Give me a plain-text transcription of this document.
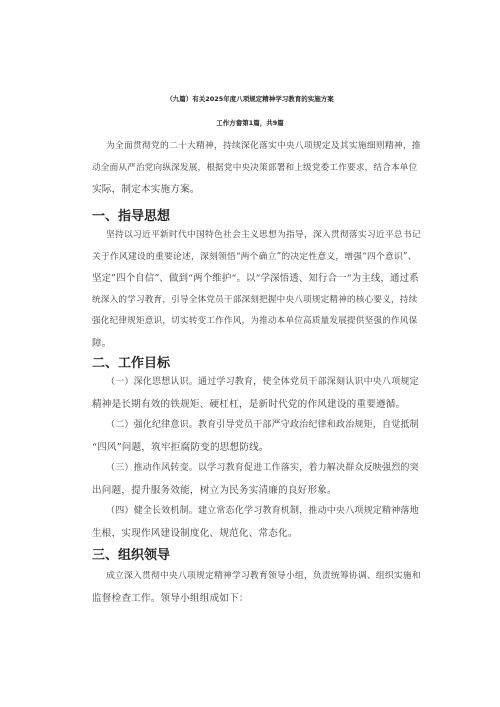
（九篇）有关2025年度八项规定精神学习教育的实施方案
工作方畲第1篇，共9篇
为全面贯彻党的二十大精神，持续深化落实中央八项规定及其实施细则精神，推
动全面从严治党向纵深发展，根据党中央决策部署和上级党委工作要求，结合本单位
实际，制定本实施方案。
一、指导思想
坚持以习近平新时代中国特色社会主义思想为指导，深入贯彻落实习近平总书记
关于作风建设的重要论述，深刻领悟“两个确立”的决定性意义，增强“四个意识”、
坚定”四个自信”、做到“两个维护“。以“学深悟透、知行合一“为主线，通过系
统深入的学习教育，引导全体党员干部深刻把握中央八项规定精神的核心要义，持续
强化纪律规矩意识，切实转变工作作风，为推动本单位高质量发展提供坚强的作风保
障。
二、工作目标
（一）深化思想认识。通过学习教育，使全体党员干部深刻认识中央八项规定
精神是长期有效的铁规矩、硬杠杠，是新时代党的作风建设的重要遵循。
（二）强化纪律意识。教育引导党员干部严守政治纪律和政治规矩，自觉抵制
“四风”问题，筑牢拒腐防变的思想防线。
（三）推动作风转变。以学习教育促进工作落实，着力解决群众反映强烈的突
出问题，提升服务效能，树立为民务实清廉的良好形象。
（四）健全长效机制。建立常态化学习教育机制，推动中央八项规定精神落地
生根，实现作风建设制度化、规范化、常态化。
三、组织领导
成立深入贯彻中央八项规定精神学习教育领导小组，负责统筹协调、组织实施和
监督检查工作。领导小组组成如下：
